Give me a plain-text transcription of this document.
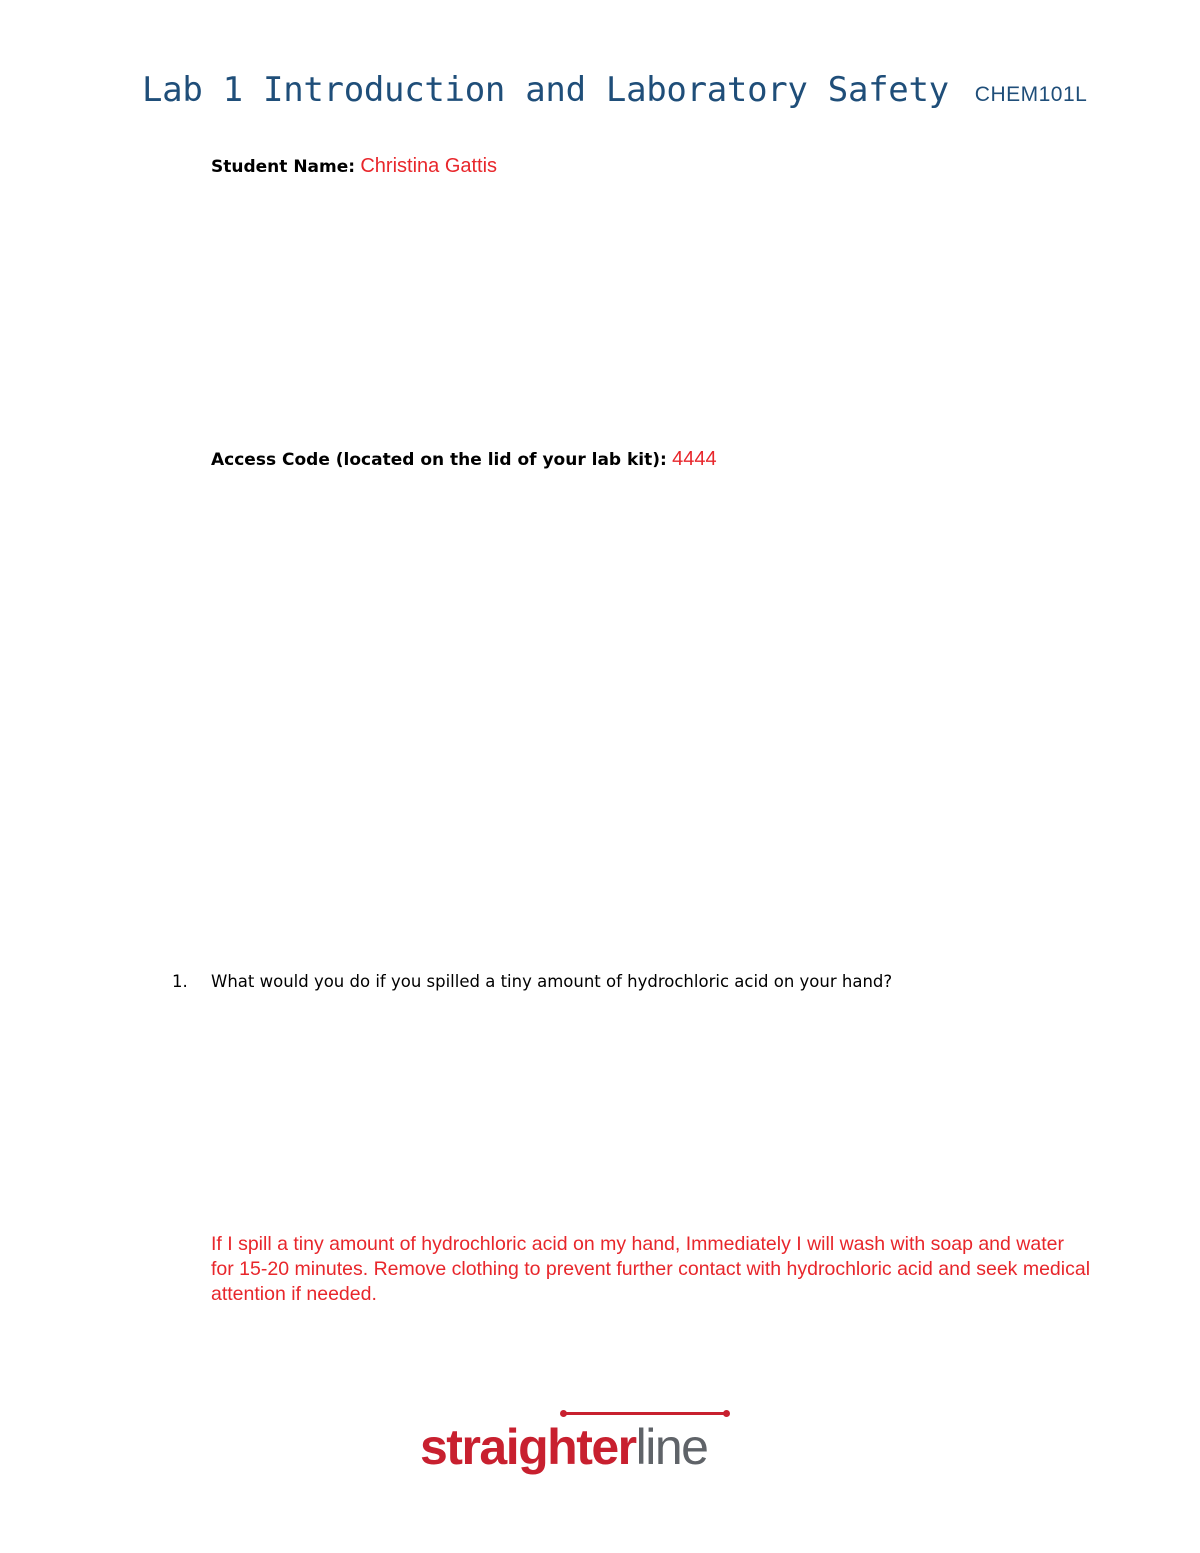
Lab 1 Introduction and Laboratory Safety CHEM101L
Student Name: Christina Gattis
Access Code (located on the lid of your lab kit): 4444
1. What would you do if you spilled a tiny amount of hydrochloric acid on your hand?
If I spill a tiny amount of hydrochloric acid on my hand, Immediately I will wash with soap and water for 15-20 minutes. Remove clothing to prevent further contact with hydrochloric acid and seek medical attention if needed.
straighterline
